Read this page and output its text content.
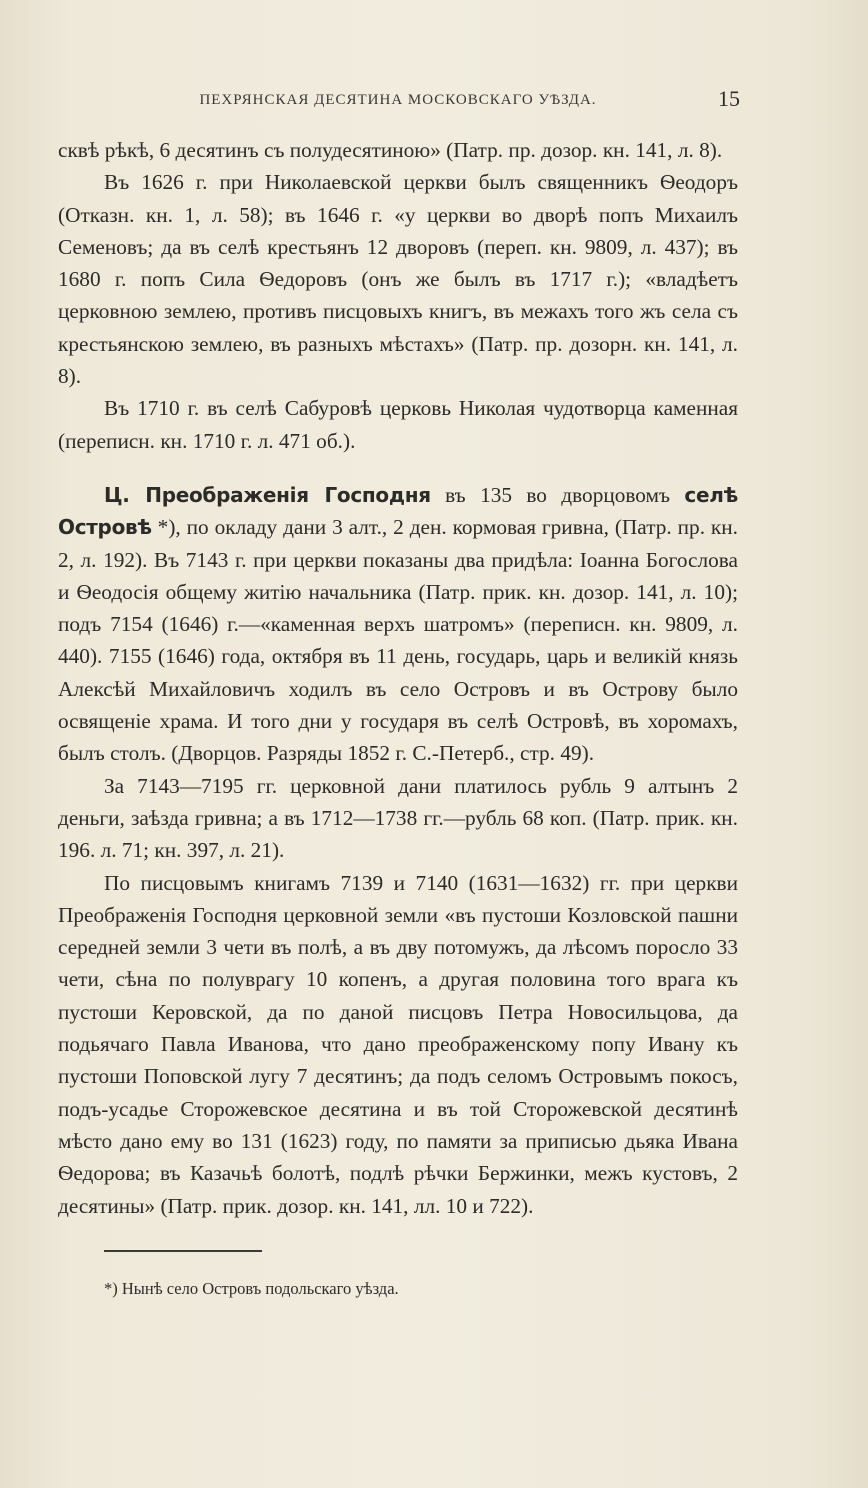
ПЕХРЯНСКАЯ ДЕСЯТИНА МОСКОВСКАГО УѢЗДА.	15

сквѣ рѣкѣ, 6 десятинъ съ полудесятиною» (Патр. пр. дозор. кн. 141, л. 8).

Въ 1626 г. при Николаевской церкви былъ священникъ Ѳеодоръ (Отказн. кн. 1, л. 58); въ 1646 г. «у церкви во дворѣ попъ Михаилъ Семеновъ; да въ селѣ крестьянъ 12 дворовъ (переп. кн. 9809, л. 437); въ 1680 г. попъ Сила Ѳедоровъ (онъ же былъ въ 1717 г.); «владѣетъ церковною землею, противъ писцовыхъ книгъ, въ межахъ того жъ села съ крестьянскою землею, въ разныхъ мѣстахъ» (Патр. пр. дозорн. кн. 141, л. 8).

Въ 1710 г. въ селѣ Сабуровѣ церковь Николая чудотворца каменная (переписн. кн. 1710 г. л. 471 об.).

Ц. Преображенія Господня въ 135 во дворцовомъ селѣ Островѣ *), по окладу дани 3 алт., 2 ден. кормовая гривна, (Патр. пр. кн. 2, л. 192). Въ 7143 г. при церкви показаны два придѣла: Іоанна Богослова и Ѳеодосія общему житію начальника (Патр. прик. кн. дозор. 141, л. 10); подъ 7154 (1646) г.—«каменная верхъ шатромъ» (переписн. кн. 9809, л. 440). 7155 (1646) года, октября въ 11 день, государь, царь и великій князь Алексѣй Михайловичъ ходилъ въ село Островъ и въ Острову было освященіе храма. И того дни у государя въ селѣ Островѣ, въ хоромахъ, былъ столъ. (Дворцов. Разряды 1852 г. С.-Петерб., стр. 49).

За 7143—7195 гг. церковной дани платилось рубль 9 алтынъ 2 деньги, заѣзда гривна; а въ 1712—1738 гг.—рубль 68 коп. (Патр. прик. кн. 196. л. 71; кн. 397, л. 21).

По писцовымъ книгамъ 7139 и 7140 (1631—1632) гг. при церкви Преображенія Господня церковной земли «въ пустоши Козловской пашни середней земли 3 чети въ полѣ, а въ дву потомужъ, да лѣсомъ поросло 33 чети, сѣна по полуврагу 10 копенъ, а другая половина того врага къ пустоши Керовской, да по даной писцовъ Петра Новосильцова, да подьячаго Павла Иванова, что дано преображенскому попу Ивану къ пустоши Поповской лугу 7 десятинъ; да подъ селомъ Островымъ покосъ, подъ-усадье Сторожевское десятина и въ той Сторожевской десятинѣ мѣсто дано ему во 131 (1623) году, по памяти за приписью дьяка Ивана Ѳедорова; въ Казачьѣ болотѣ, подлѣ рѣчки Бержинки, межъ кустовъ, 2 десятины» (Патр. прик. дозор. кн. 141, лл. 10 и 722).

*) Нынѣ село Островъ подольскаго уѣзда.
